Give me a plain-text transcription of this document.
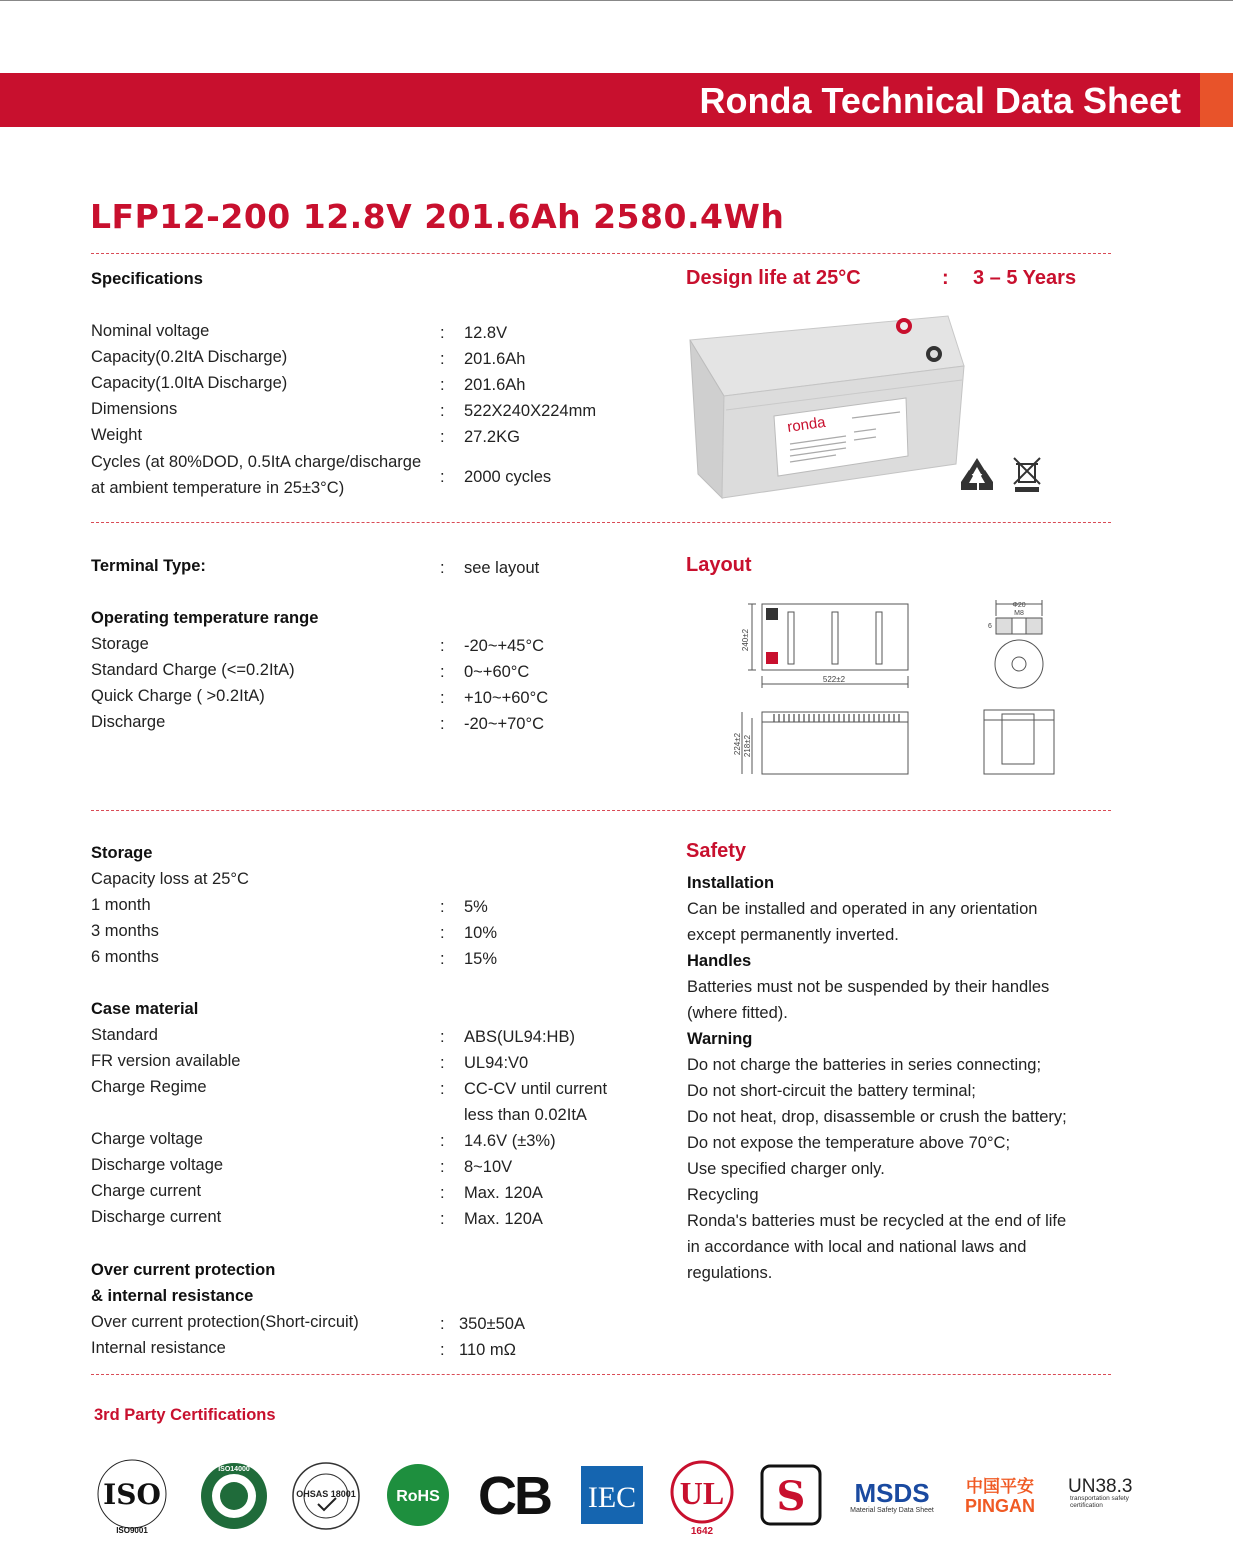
Ronda Technical Data Sheet
LFP12-200 12.8V 201.6Ah 2580.4Wh
Specifications
Nominal voltage	: 12.8V
Capacity(0.2ItA Discharge)	: 201.6Ah
Capacity(1.0ItA Discharge)	: 201.6Ah
Dimensions	: 522X240X224mm
Weight	: 27.2KG
Cycles (at 80%DOD, 0.5ItA charge/discharge
at ambient temperature in 25±3°C)
: 2000 cycles
Design life at 25°C	: 3 – 5 Years
ronda
Terminal Type:	: see layout
Operating temperature range
Storage	: -20~+45°C
Standard Charge (<=0.2ItA)	: 0~+60°C
Quick Charge ( >0.2ItA)	: +10~+60°C
Discharge	: -20~+70°C
Layout
240±2
522±2
224±2 218±2
Φ20
M8
6
Storage
Capacity loss at 25°C
1 month	: 5%
3 months	: 10%
6 months	: 15%
Case material
Standard	: ABS(UL94:HB)
FR version available	: UL94:V0
Charge Regime	: CC-CV until current
less than 0.02ItA
Charge voltage	: 14.6V (±3%)
Discharge voltage	: 8~10V
Charge current	: Max. 120A
Discharge current	: Max. 120A
Over current protection
& internal resistance
Over current protection(Short-circuit)	: 350±50A
Internal resistance	: 110 mΩ
Safety
Installation
Can be installed and operated in any orientation
except permanently inverted.
Handles
Batteries must not be suspended by their handles
(where fitted).
Warning
Do not charge the batteries in series connecting;
Do not short-circuit the battery terminal;
Do not heat, drop, disassemble or crush the battery;
Do not expose the temperature above 70°C;
Use specified charger only.
Recycling
Ronda's batteries must be recycled at the end of life
in accordance with local and national laws and
regulations.
3rd Party Certifications
ISO
ISO9001
ISO14000
OHSAS 18001	RoHS CB IEC UL
1642
S MSDS
Material Safety Data Sheet
中国平安
PINGAN
UN38.3
transportation safety
certification
